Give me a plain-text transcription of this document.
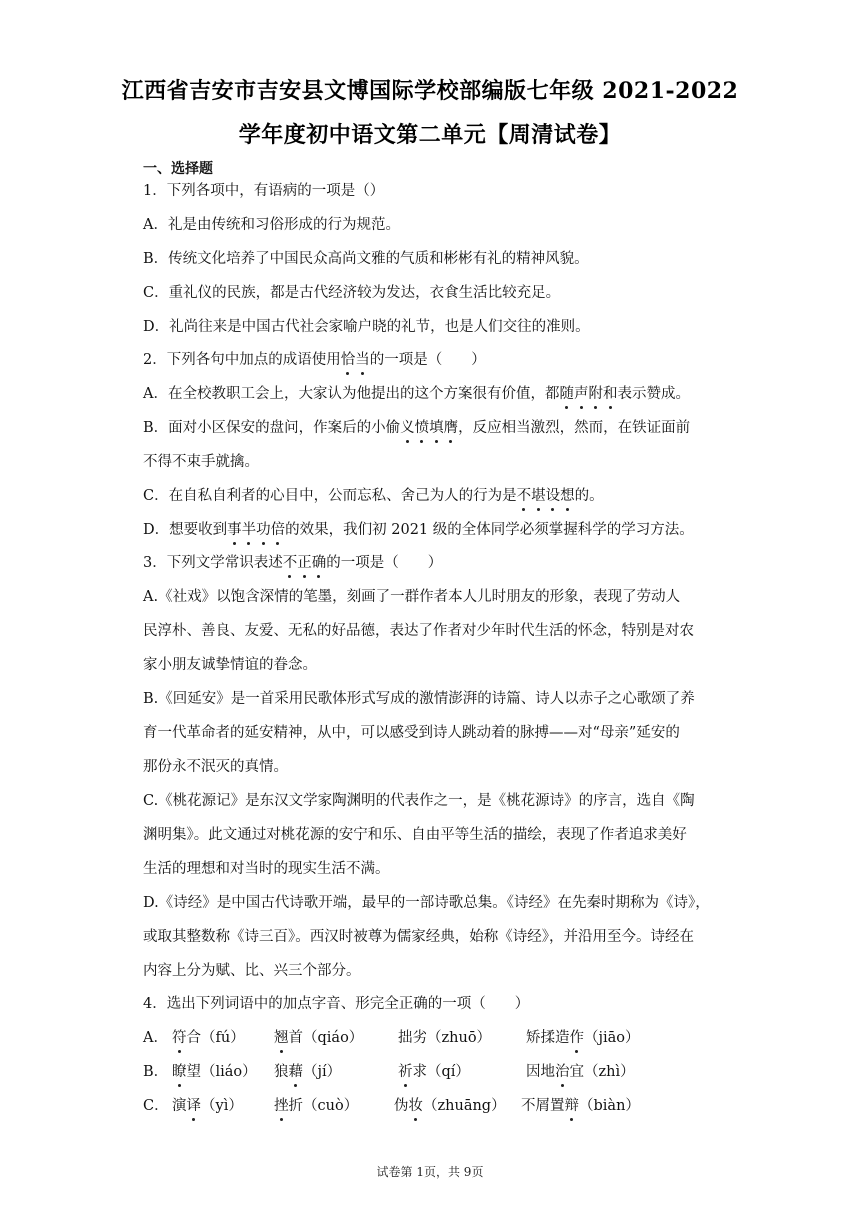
江西省吉安市吉安县文博国际学校部编版七年级 2021-2022
学年度初中语文第二单元【周清试卷】
一、选择题
1．下列各项中，有语病的一项是（）
A．礼是由传统和习俗形成的行为规范。
B．传统文化培养了中国民众高尚文雅的气质和彬彬有礼的精神风貌。
C．重礼仪的民族，都是古代经济较为发达，衣食生活比较充足。
D．礼尚往来是中国古代社会家喻户晓的礼节，也是人们交往的准则。
2．下列各句中加点的成语使用恰当的一项是（　　）
A．在全校教职工会上，大家认为他提出的这个方案很有价值，都随声附和表示赞成。
B．面对小区保安的盘问，作案后的小偷义愤填膺，反应相当激烈，然而，在铁证面前
不得不束手就擒。
C．在自私自利者的心目中，公而忘私、舍己为人的行为是不堪设想的。
D．想要收到事半功倍的效果，我们初 2021 级的全体同学必须掌握科学的学习方法。
3．下列文学常识表述不正确的一项是（　　）
A.《社戏》以饱含深情的笔墨，刻画了一群作者本人儿时朋友的形象，表现了劳动人
民淳朴、善良、友爱、无私的好品德，表达了作者对少年时代生活的怀念，特别是对农
家小朋友诚挚情谊的眷念。
B.《回延安》是一首采用民歌体形式写成的激情澎湃的诗篇、诗人以赤子之心歌颂了养
育一代革命者的延安精神，从中，可以感受到诗人跳动着的脉搏——对“母亲”延安的
那份永不泯灭的真情。
C.《桃花源记》是东汉文学家陶渊明的代表作之一，是《桃花源诗》的序言，选自《陶
渊明集》。此文通过对桃花源的安宁和乐、自由平等生活的描绘，表现了作者追求美好
生活的理想和对当时的现实生活不满。
D.《诗经》是中国古代诗歌开端，最早的一部诗歌总集。《诗经》在先秦时期称为《诗》，
或取其整数称《诗三百》。西汉时被尊为儒家经典，始称《诗经》，并沿用至今。诗经在
内容上分为赋、比、兴三个部分。
4．选出下列词语中的加点字音、形完全正确的一项（　　）
A． 符合（fú） 翘首（qiáo） 拙劣（zhuō） 矫揉造作（jiāo）
B． 瞭望（liáo） 狼藉（jí）	祈求（qí）	因地治宜（zhì）
C． 演译（yì） 挫折（cuò） 伪妆（zhuāng） 不屑置辩（biàn）
试卷第 1页，共 9页
